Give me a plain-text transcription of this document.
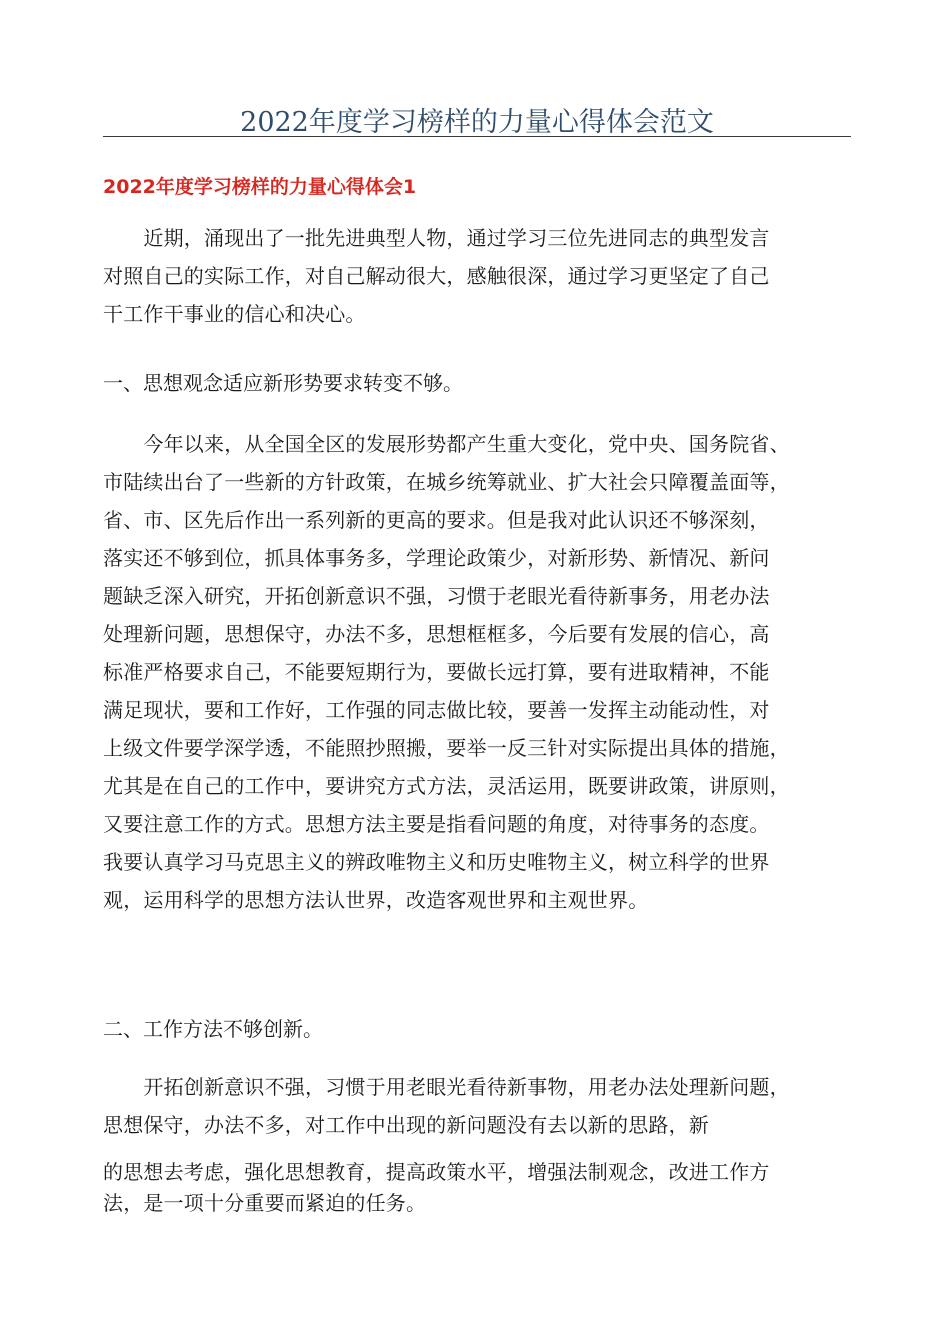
2022年度学习榜样的力量心得体会范文
2022年度学习榜样的力量心得体会1
　　近期，涌现出了一批先进典型人物，通过学习三位先进同志的典型发言
对照自己的实际工作，对自己解动很大，感触很深，通过学习更坚定了自己
干工作干事业的信心和决心。
一、思想观念适应新形势要求转变不够。
　　今年以来，从全国全区的发展形势都产生重大变化，党中央、国务院省、
市陆续出台了一些新的方针政策，在城乡统筹就业、扩大社会只障覆盖面等，
省、市、区先后作出一系列新的更高的要求。但是我对此认识还不够深刻，
落实还不够到位，抓具体事务多，学理论政策少，对新形势、新情况、新问
题缺乏深入研究，开拓创新意识不强，习惯于老眼光看待新事务，用老办法
处理新问题，思想保守，办法不多，思想框框多，今后要有发展的信心，高
标准严格要求自己，不能要短期行为，要做长远打算，要有进取精神，不能
满足现状，要和工作好，工作强的同志做比较，要善一发挥主动能动性，对
上级文件要学深学透，不能照抄照搬，要举一反三针对实际提出具体的措施，
尤其是在自己的工作中，要讲究方式方法，灵活运用，既要讲政策，讲原则，
又要注意工作的方式。思想方法主要是指看问题的角度，对待事务的态度。
我要认真学习马克思主义的辨政唯物主义和历史唯物主义，树立科学的世界
观，运用科学的思想方法认世界，改造客观世界和主观世界。
二、工作方法不够创新。
　　开拓创新意识不强，习惯于用老眼光看待新事物，用老办法处理新问题，
思想保守，办法不多，对工作中出现的新问题没有去以新的思路，新
的思想去考虑，强化思想教育，提高政策水平，增强法制观念，改进工作方
法，是一项十分重要而紧迫的任务。
